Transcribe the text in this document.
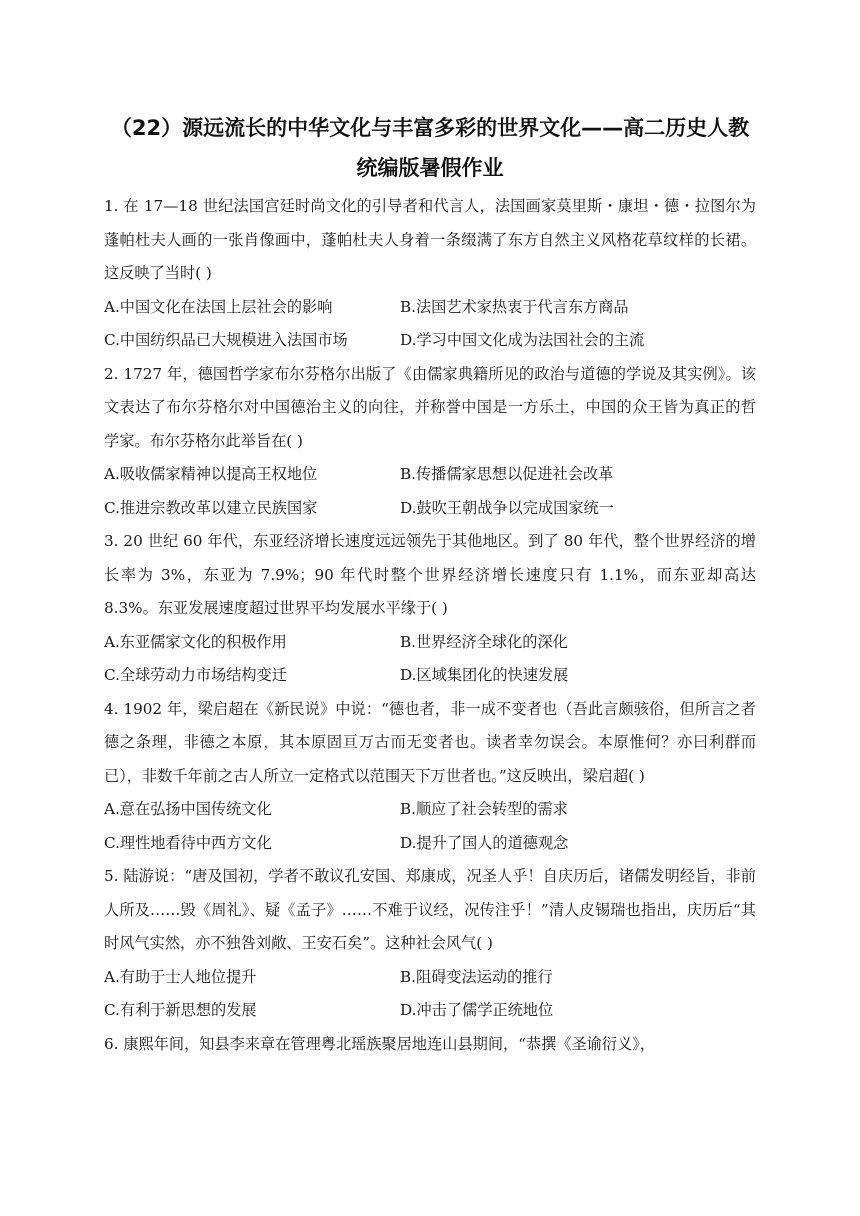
（22）源远流长的中华文化与丰富多彩的世界文化——高二历史人教统编版暑假作业

1. 在 17—18 世纪法国宫廷时尚文化的引导者和代言人，法国画家莫里斯・康坦・德・拉图尔为蓬帕杜夫人画的一张肖像画中，蓬帕杜夫人身着一条缀满了东方自然主义风格花草纹样的长裙。这反映了当时( )

A.中国文化在法国上层社会的影响	B.法国艺术家热衷于代言东方商品
C.中国纺织品已大规模进入法国市场	D.学习中国文化成为法国社会的主流

2. 1727 年，德国哲学家布尔芬格尔出版了《由儒家典籍所见的政治与道德的学说及其实例》。该文表达了布尔芬格尔对中国德治主义的向往，并称誉中国是一方乐土，中国的众王皆为真正的哲学家。布尔芬格尔此举旨在( )

A.吸收儒家精神以提高王权地位	B.传播儒家思想以促进社会改革
C.推进宗教改革以建立民族国家	D.鼓吹王朝战争以完成国家统一

3. 20 世纪 60 年代，东亚经济增长速度远远领先于其他地区。到了 80 年代，整个世界经济的增长率为 3%，东亚为 7.9%；90 年代时整个世界经济增长速度只有 1.1%，而东亚却高达 8.3%。东亚发展速度超过世界平均发展水平缘于( )

A.东亚儒家文化的积极作用	B.世界经济全球化的深化
C.全球劳动力市场结构变迁	D.区域集团化的快速发展

4. 1902 年，梁启超在《新民说》中说：“德也者，非一成不变者也（吾此言颇骇俗，但所言之者德之条理，非德之本原，其本原固亘万古而无变者也。读者幸勿误会。本原惟何？亦曰利群而已），非数千年前之古人所立一定格式以范围天下万世者也。”这反映出，梁启超( )

A.意在弘扬中国传统文化	B.顺应了社会转型的需求
C.理性地看待中西方文化	D.提升了国人的道德观念

5. 陆游说：“唐及国初，学者不敢议孔安国、郑康成，况圣人乎！自庆历后，诸儒发明经旨，非前人所及……毁《周礼》、疑《孟子》……不难于议经，况传注乎！”清人皮锡瑞也指出，庆历后“其时风气实然，亦不独咎刘敞、王安石矣”。这种社会风气( )

A.有助于士人地位提升	B.阻碍变法运动的推行
C.有利于新思想的发展	D.冲击了儒学正统地位

6. 康熙年间，知县李来章在管理粤北瑶族聚居地连山县期间，“恭撰《圣谕衍义》，
